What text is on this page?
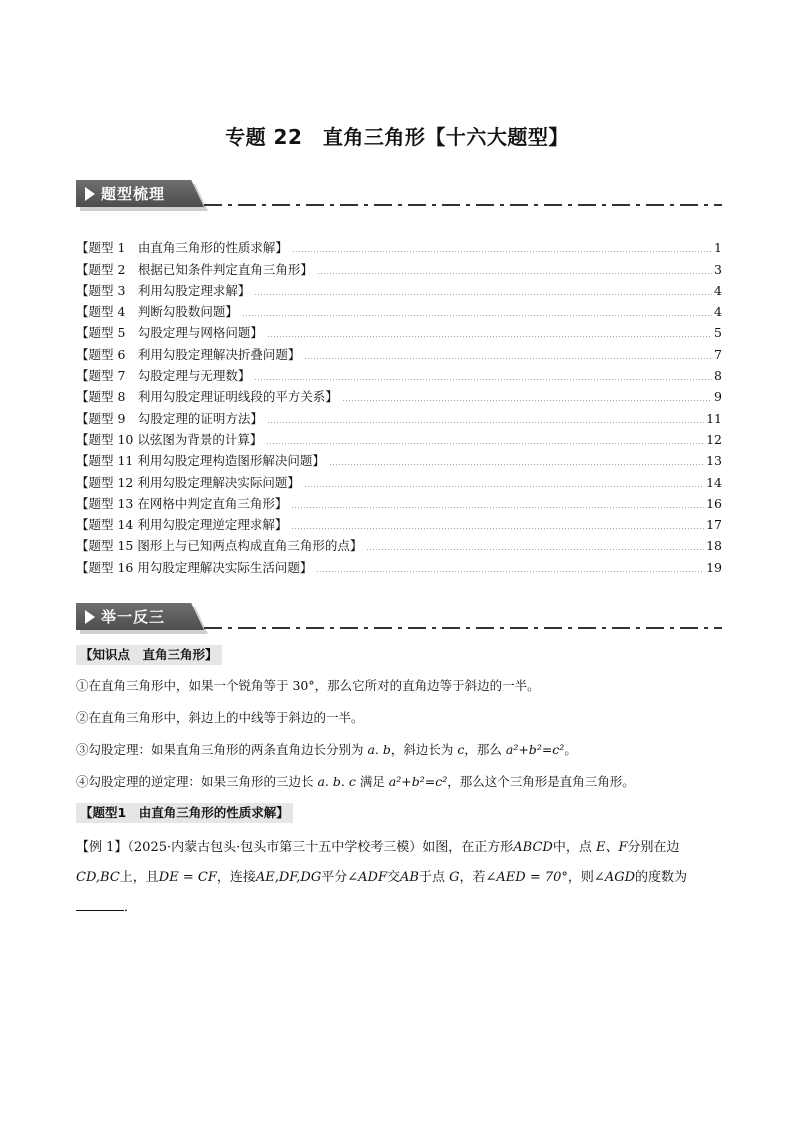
专题 22　直角三角形【十六大题型】
题型梳理
【题型 1　由直角三角形的性质求解】	1
【题型 2　根据已知条件判定直角三角形】	3
【题型 3　利用勾股定理求解】	4
【题型 4　判断勾股数问题】	4
【题型 5　勾股定理与网格问题】	5
【题型 6　利用勾股定理解决折叠问题】	7
【题型 7　勾股定理与无理数】	8
【题型 8　利用勾股定理证明线段的平方关系】	9
【题型 9　勾股定理的证明方法】	11
【题型 10 以弦图为背景的计算】	12
【题型 11 利用勾股定理构造图形解决问题】	13
【题型 12 利用勾股定理解决实际问题】	14
【题型 13 在网格中判定直角三角形】	16
【题型 14 利用勾股定理逆定理求解】	17
【题型 15 图形上与已知两点构成直角三角形的点】	18
【题型 16 用勾股定理解决实际生活问题】	19
举一反三
【知识点　直角三角形】
①在直角三角形中，如果一个锐角等于 30°，那么它所对的直角边等于斜边的一半。
②在直角三角形中，斜边上的中线等于斜边的一半。
③勾股定理：如果直角三角形的两条直角边长分别为 a. b，斜边长为 c，那么 a²+b²=c²。
④勾股定理的逆定理：如果三角形的三边长 a. b. c 满足 a²+b²=c²，那么这个三角形是直角三角形。
【题型1　由直角三角形的性质求解】
【例 1】（2025·内蒙古包头·包头市第三十五中学校考三模）如图，在正方形ABCD中，点 E、F分别在边CD,BC上，且DE = CF，连接AE,DF,DG平分∠ADF交AB于点 G，若∠AED = 70°，则∠AGD的度数为．
